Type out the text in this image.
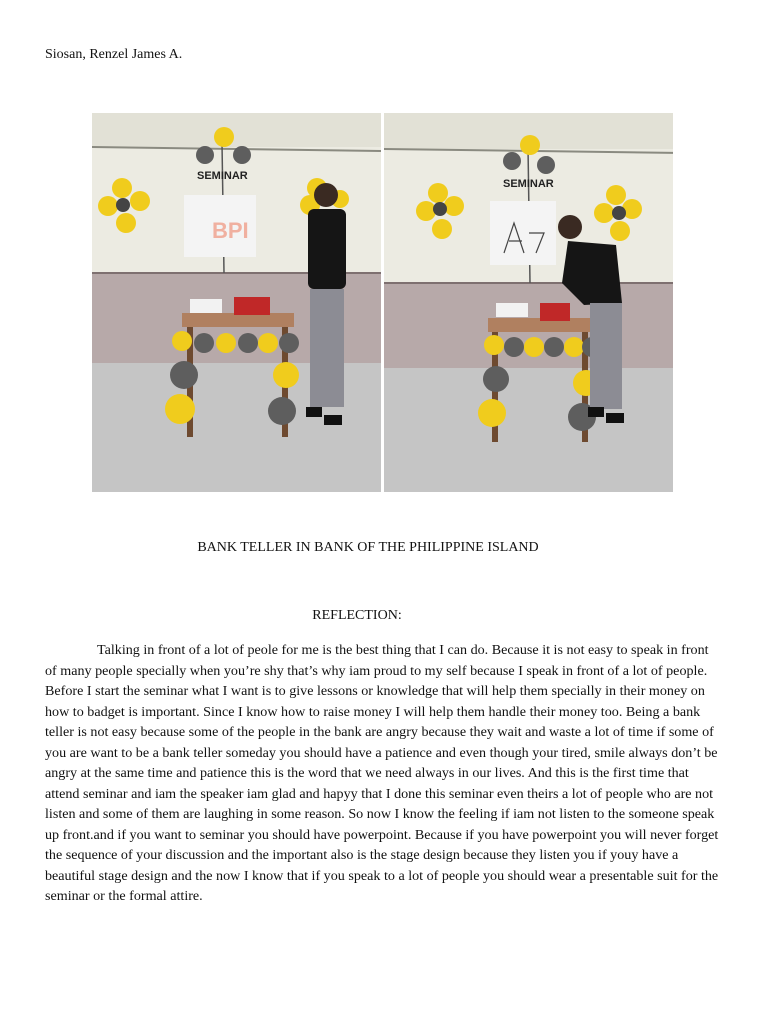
Siosan, Renzel James A.
BPI
SEMINAR
SEMINAR
BANK TELLER IN BANK OF THE PHILIPPINE ISLAND
REFLECTION:

Talking in front of a lot of peole for me is the best thing that I can do. Because it is not easy to speak in front of many people specially when you’re shy that’s why iam proud to my self because I speak in front of a lot of people. Before I start the seminar what I want is to give lessons or knowledge that will help them specially in their money on how to badget is important. Since I know how to raise money I will help them handle their money too. Being a bank teller is not easy because some of the people in the bank are angry because they wait and waste a lot of time if some of you are want to be a bank teller someday you should have a patience and even though your tired, smile always don’t be angry at the same time and patience this is the word that we need always in our lives. And this is the first time that attend seminar and iam the speaker iam glad and hapyy that I done this seminar even theirs a lot of people who are not listen and some of them are laughing in some reason. So now I know the feeling if iam not listen to the someone speak up front.and if you want to seminar you should have powerpoint. Because if you have powerpoint you will never forget the sequence of your discussion and the important also is the stage design because they listen you if youy have a beautiful stage design and the now I know that if you speak to a lot of people you should wear a presentable suit for the seminar or the formal attire.
